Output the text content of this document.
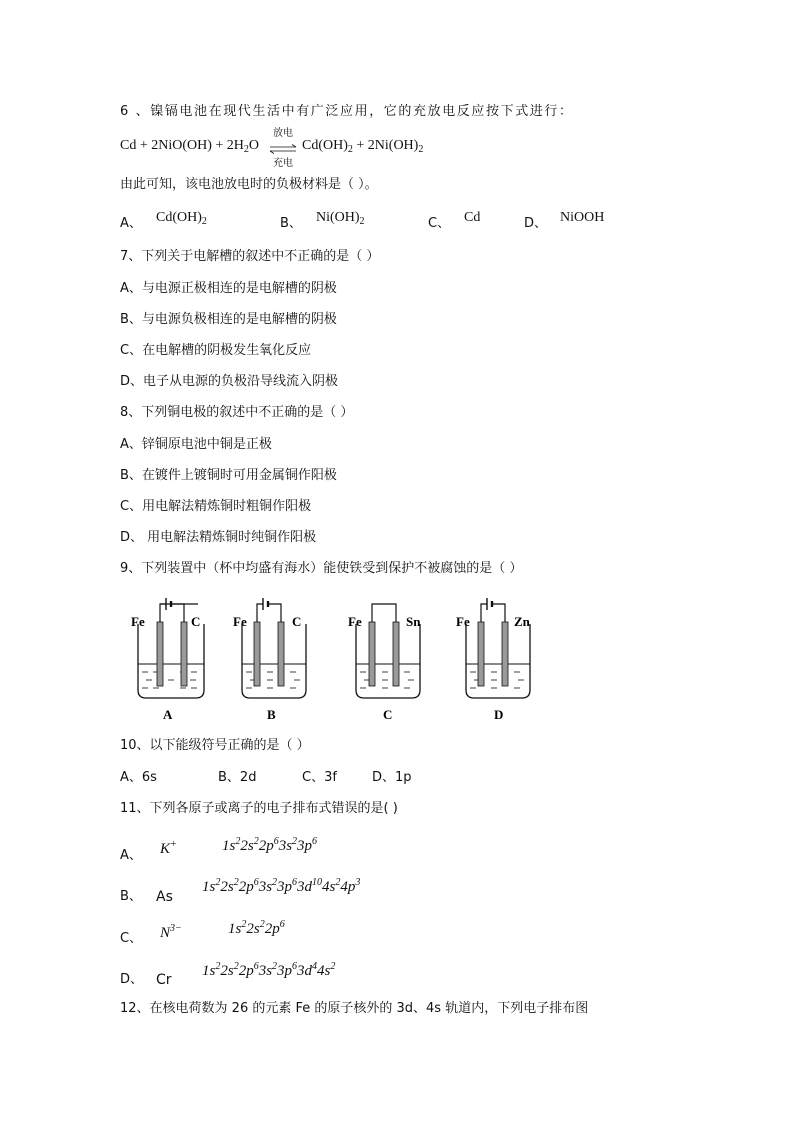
6 、镍镉电池在现代生活中有广泛应用，它的充放电反应按下式进行：
$Cd + 2NiO(OH) + 2H_2O$
放电
充电
$Cd(OH)_2 + 2Ni(OH)_2$
由此可知，该电池放电时的负极材料是（ ）。
A、 $Cd(OH)_2$	B、 $Ni(OH)_2$	C、 Cd	D、 NiOOH
7、下列关于电解槽的叙述中不正确的是（ ）
A、与电源正极相连的是电解槽的阴极
B、与电源负极相连的是电解槽的阴极
C、在电解槽的阴极发生氧化反应
D、电子从电源的负极沿导线流入阴极
8、下列铜电极的叙述中不正确的是（ ）
A、锌铜原电池中铜是正极
B、在镀件上镀铜时可用金属铜作阳极
C、用电解法精炼铜时粗铜作阳极
D、 用电解法精炼铜时纯铜作阳极
9、下列装置中（杯中均盛有海水）能使铁受到保护不被腐蚀的是（ ）
Fe	C
A
Fe	C
B
Fe	Sn
C
Fe	Zn
D
10、以下能级符号正确的是（ ）
A、6s	B、2d	C、3f	D、1p
11、下列各原子或离子的电子排布式错误的是( )
A、 K+	$1s^22s^22p^63s^23p^6$
B、 As
$1s^22s^22p^63s^23p^63d^{10}4s^24p^3$
C、 $N^{3-}$	$1s^22s^22p^6$
D、 Cr
$1s^22s^22p^63s^23p^63d^44s^2$
12、在核电荷数为 26 的元素 Fe 的原子核外的 3d、4s 轨道内，下列电子排布图
